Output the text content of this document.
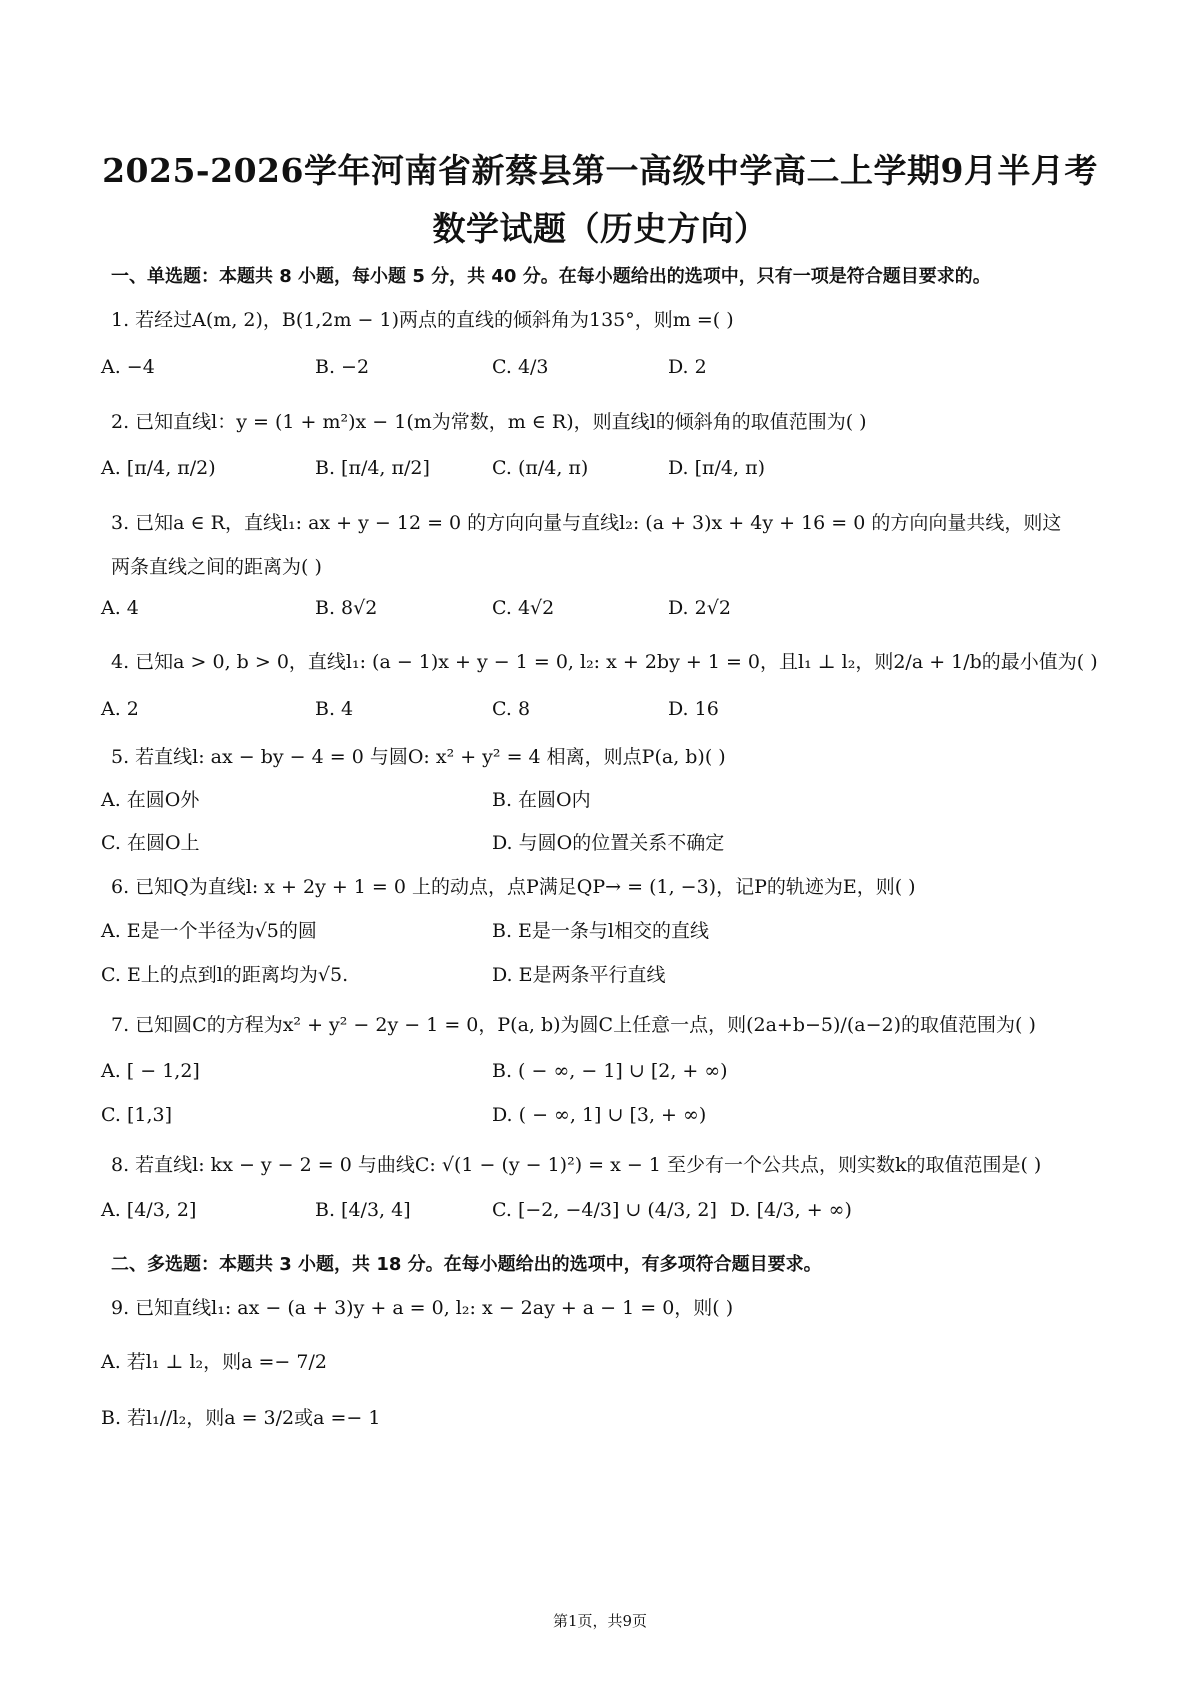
2025-2026学年河南省新蔡县第一高级中学高二上学期9月半月考
数学试题（历史方向）
一、单选题：本题共 8 小题，每小题 5 分，共 40 分。在每小题给出的选项中，只有一项是符合题目要求的。
1. 若经过A(m, 2)，B(1,2m − 1)两点的直线的倾斜角为135°，则m =( )
A. −4	B. −2	C. 4/3	D. 2
2. 已知直线l：y = (1 + m²)x − 1(m为常数，m ∈ R)，则直线l的倾斜角的取值范围为( )
A. [π/4, π/2)	B. [π/4, π/2]	C. (π/4, π)	D. [π/4, π)
3. 已知a ∈ R，直线l₁: ax + y − 12 = 0 的方向向量与直线l₂: (a + 3)x + 4y + 16 = 0 的方向向量共线，则这
两条直线之间的距离为( )
A. 4	B. 8√2	C. 4√2	D. 2√2
4. 已知a > 0, b > 0，直线l₁: (a − 1)x + y − 1 = 0, l₂: x + 2by + 1 = 0，且l₁ ⊥ l₂，则2/a + 1/b的最小值为( )
A. 2	B. 4	C. 8	D. 16
5. 若直线l: ax − by − 4 = 0 与圆O: x² + y² = 4 相离，则点P(a, b)( )
A. 在圆O外	B. 在圆O内
C. 在圆O上	D. 与圆O的位置关系不确定
6. 已知Q为直线l: x + 2y + 1 = 0 上的动点，点P满足QP→ = (1, −3)，记P的轨迹为E，则( )
A. E是一个半径为√5的圆	B. E是一条与l相交的直线
C. E上的点到l的距离均为√5.	D. E是两条平行直线
7. 已知圆C的方程为x² + y² − 2y − 1 = 0，P(a, b)为圆C上任意一点，则(2a+b−5)/(a−2)的取值范围为( )
A. [ − 1,2]	B. ( − ∞, − 1] ∪ [2, + ∞)
C. [1,3]	D. ( − ∞, 1] ∪ [3, + ∞)
8. 若直线l: kx − y − 2 = 0 与曲线C: √(1 − (y − 1)²) = x − 1 至少有一个公共点，则实数k的取值范围是( )
A. [4/3, 2]	B. [4/3, 4]	C. [−2, −4/3] ∪ (4/3, 2] D. [4/3, + ∞)
二、多选题：本题共 3 小题，共 18 分。在每小题给出的选项中，有多项符合题目要求。
9. 已知直线l₁: ax − (a + 3)y + a = 0, l₂: x − 2ay + a − 1 = 0，则( )
A. 若l₁ ⊥ l₂，则a =− 7/2
B. 若l₁//l₂，则a = 3/2或a =− 1
第1页，共9页
